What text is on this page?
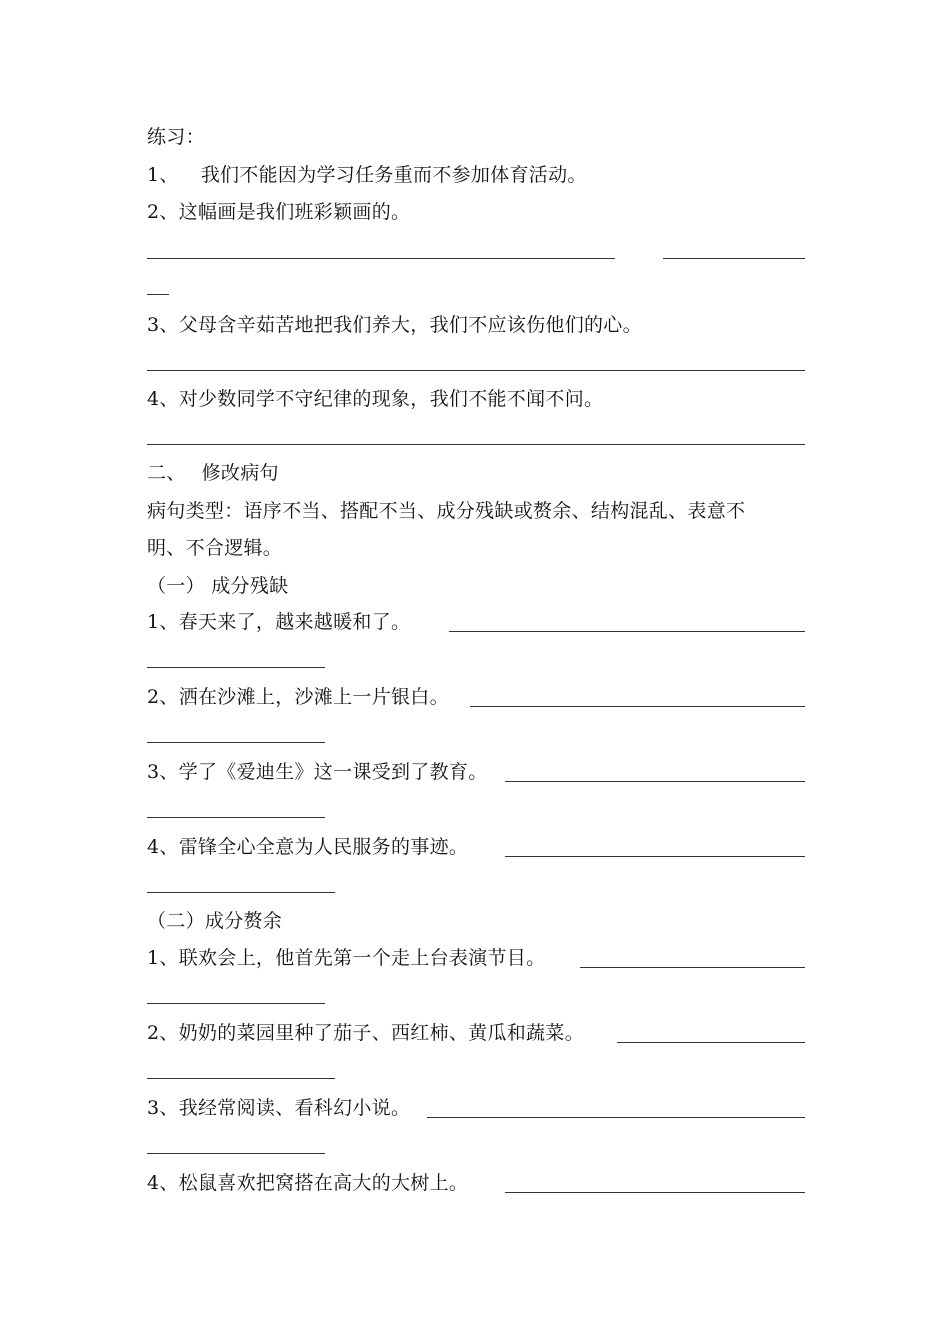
练习：
1、 我们不能因为学习任务重而不参加体育活动。
2、这幅画是我们班彩颖画的。
3、父母含辛茹苦地把我们养大，我们不应该伤他们的心。
4、对少数同学不守纪律的现象，我们不能不闻不问。
二、 修改病句
病句类型：语序不当、搭配不当、成分残缺或赘余、结构混乱、表意不
明、不合逻辑。
（一） 成分残缺
1、春天来了，越来越暖和了。
2、洒在沙滩上，沙滩上一片银白。
3、学了《爱迪生》这一课受到了教育。
4、雷锋全心全意为人民服务的事迹。
（二）成分赘余
1、联欢会上，他首先第一个走上台表演节目。
2、奶奶的菜园里种了茄子、西红柿、黄瓜和蔬菜。
3、我经常阅读、看科幻小说。
4、松鼠喜欢把窝搭在高大的大树上。
